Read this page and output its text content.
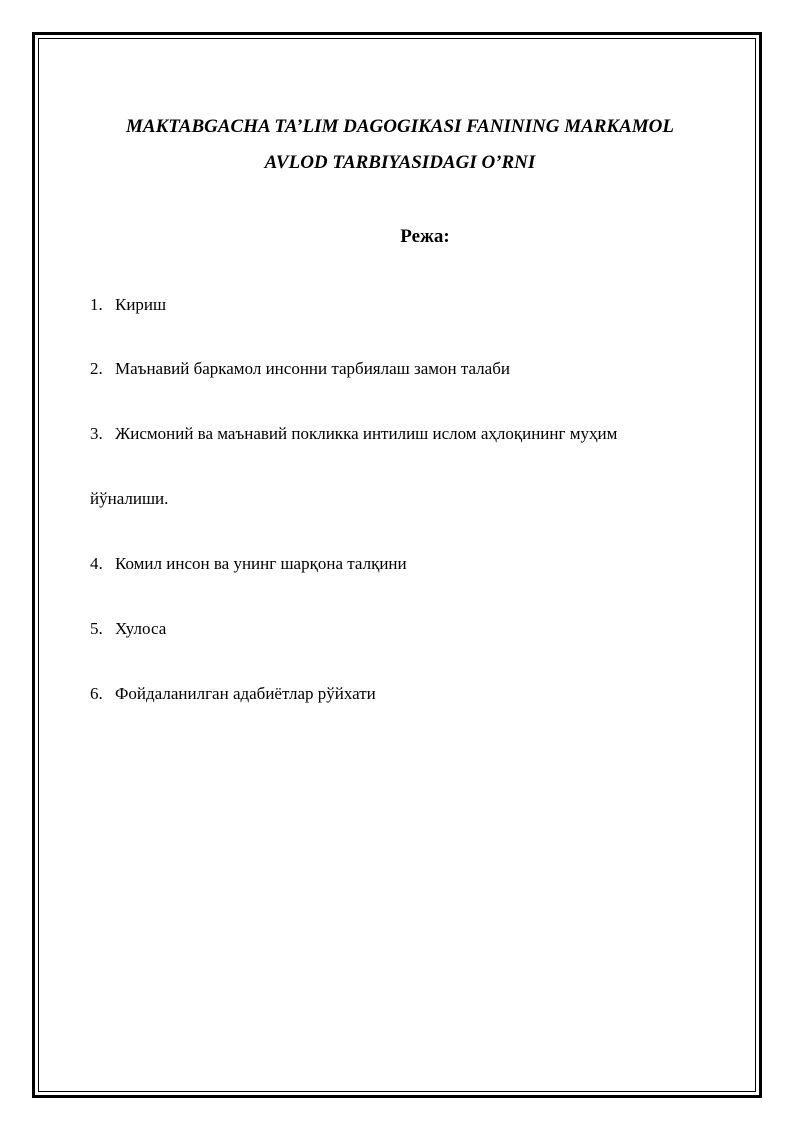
MAKTABGACHA TA’LIM DAGOGIKASI FANINING MARKAMOL
AVLOD TARBIYASIDAGI O’RNI
Режа:
1. Кириш
2. Маънавий баркамол инсонни тарбиялаш замон талаби
3. Жисмоний ва маънавий покликка интилиш ислом аҳлоқининг муҳим
йўналиши.
4. Комил инсон ва унинг шарқона талқини
5. Хулоса
6. Фойдаланилган адабиётлар рўйхати
